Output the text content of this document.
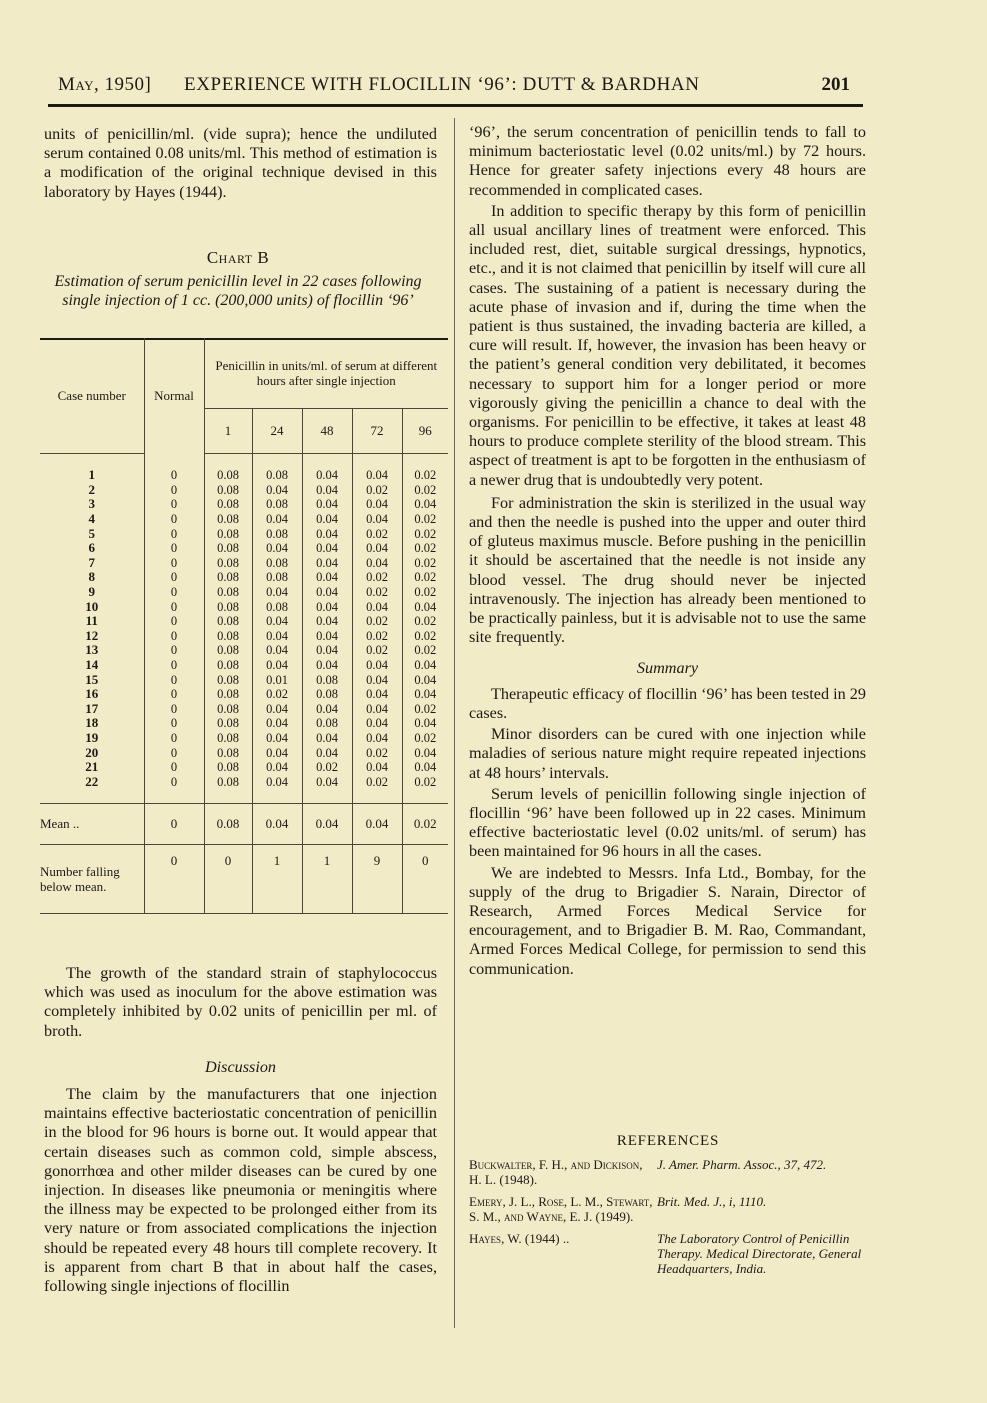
May, 1950] EXPERIENCE WITH FLOCILLIN ‘96’: DUTT & BARDHAN	201

units of penicillin/ml. (vide supra); hence the undiluted serum contained 0.08 units/ml. This method of estimation is a modification of the original technique devised in this laboratory by Hayes (1944).

Chart B
Estimation of serum penicillin level in 22 cases following single injection of 1 cc. (200,000 units) of flocillin ‘96’
Case number	Normal	Penicillin in units/ml. of serum at different hours after single injection				
		1	24	48	72	96

1	0	0.08	0.08	0.04	0.04	0.02
2	0	0.08	0.04	0.04	0.02	0.02
3	0	0.08	0.08	0.04	0.04	0.04
4	0	0.08	0.04	0.04	0.04	0.02
5	0	0.08	0.08	0.04	0.02	0.02
6	0	0.08	0.04	0.04	0.04	0.02
7	0	0.08	0.08	0.04	0.04	0.02
8	0	0.08	0.08	0.04	0.02	0.02
9	0	0.08	0.04	0.04	0.02	0.02
10	0	0.08	0.08	0.04	0.04	0.04
11	0	0.08	0.04	0.04	0.02	0.02
12	0	0.08	0.04	0.04	0.02	0.02
13	0	0.08	0.04	0.04	0.02	0.02
14	0	0.08	0.04	0.04	0.04	0.04
15	0	0.08	0.01	0.08	0.04	0.04
16	0	0.08	0.02	0.08	0.04	0.04
17	0	0.08	0.04	0.04	0.04	0.02
18	0	0.08	0.04	0.08	0.04	0.04
19	0	0.08	0.04	0.04	0.04	0.02
20	0	0.08	0.04	0.04	0.02	0.04
21	0	0.08	0.04	0.02	0.04	0.04
22	0	0.08	0.04	0.04	0.02	0.02

Mean ..	0	0.08	0.04	0.04	0.04	0.02
Number falling below mean.	0	0	1	1	9	0

The growth of the standard strain of staphylococcus which was used as inoculum for the above estimation was completely inhibited by 0.02 units of penicillin per ml. of broth.

Discussion

The claim by the manufacturers that one injection maintains effective bacteriostatic concentration of penicillin in the blood for 96 hours is borne out. It would appear that certain diseases such as common cold, simple abscess, gonorrhœa and other milder diseases can be cured by one injection. In diseases like pneumonia or meningitis where the illness may be expected to be prolonged either from its very nature or from associated complications the injection should be repeated every 48 hours till complete recovery. It is apparent from chart B that in about half the cases, following single injections of flocillin

‘96’, the serum concentration of penicillin tends to fall to minimum bacteriostatic level (0.02 units/ml.) by 72 hours. Hence for greater safety injections every 48 hours are recommended in complicated cases.

In addition to specific therapy by this form of penicillin all usual ancillary lines of treatment were enforced. This included rest, diet, suitable surgical dressings, hypnotics, etc., and it is not claimed that penicillin by itself will cure all cases. The sustaining of a patient is necessary during the acute phase of invasion and if, during the time when the patient is thus sustained, the invading bacteria are killed, a cure will result. If, however, the invasion has been heavy or the patient’s general condition very debilitated, it becomes necessary to support him for a longer period or more vigorously giving the penicillin a chance to deal with the organisms. For penicillin to be effective, it takes at least 48 hours to produce complete sterility of the blood stream. This aspect of treatment is apt to be forgotten in the enthusiasm of a newer drug that is undoubtedly very potent.

For administration the skin is sterilized in the usual way and then the needle is pushed into the upper and outer third of gluteus maximus muscle. Before pushing in the penicillin it should be ascertained that the needle is not inside any blood vessel. The drug should never be injected intravenously. The injection has already been mentioned to be practically painless, but it is advisable not to use the same site frequently.

Summary

Therapeutic efficacy of flocillin ‘96’ has been tested in 29 cases.

Minor disorders can be cured with one injection while maladies of serious nature might require repeated injections at 48 hours’ intervals.

Serum levels of penicillin following single injection of flocillin ‘96’ have been followed up in 22 cases. Minimum effective bacteriostatic level (0.02 units/ml. of serum) has been maintained for 96 hours in all the cases.

We are indebted to Messrs. Infa Ltd., Bombay, for the supply of the drug to Brigadier S. Narain, Director of Research, Armed Forces Medical Service for encouragement, and to Brigadier B. M. Rao, Commandant, Armed Forces Medical College, for permission to send this communication.

REFERENCES
Buckwalter, F. H., and Dickison, H. L. (1948).J. Amer. Pharm. Assoc., 37, 472.
Emery, J. L., Rose, L. M., Stewart, S. M., and Wayne, E. J. (1949).Brit. Med. J., i, 1110.
Hayes, W. (1944) ..	The Laboratory Control of Penicillin Therapy. Medical Directorate, General Headquarters, India.
